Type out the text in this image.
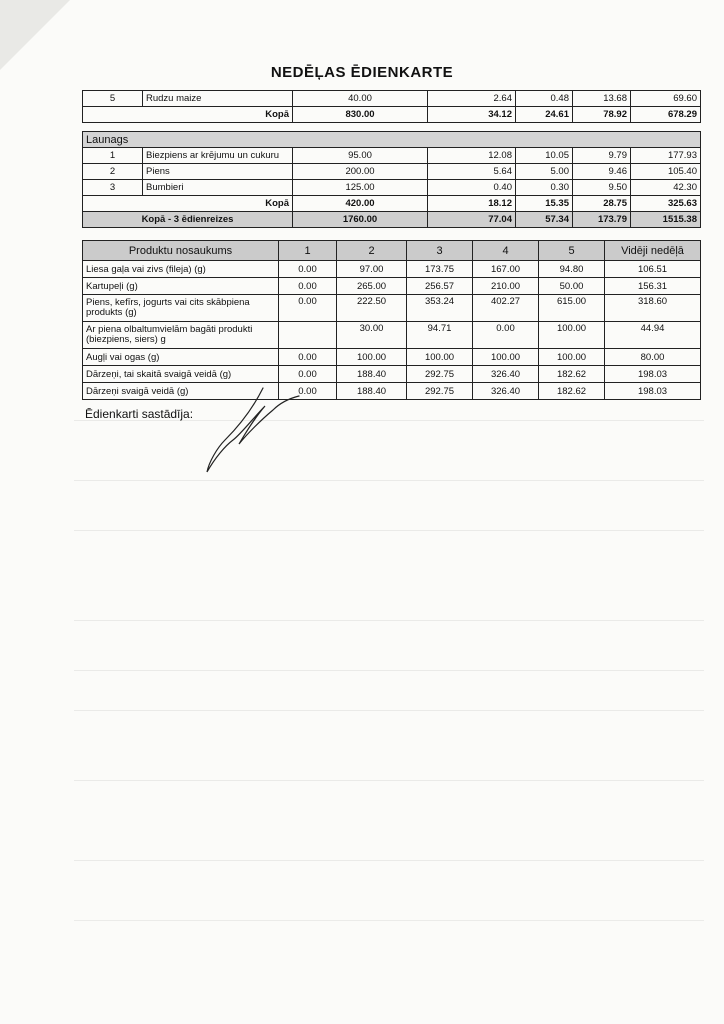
NEDĒĻAS ĒDIENKARTE
5	Rudzu maize	40.00	2.64	0.48	13.68	69.60
Kopā		830.00	34.12	24.61	78.92	678.29

Launags						
1	Biezpiens ar krējumu un cukuru	95.00	12.08	10.05	9.79	177.93
2	Piens	200.00	5.64	5.00	9.46	105.40
3	Bumbieri	125.00	0.40	0.30	9.50	42.30
Kopā		420.00	18.12	15.35	28.75	325.63
Kopā - 3 ēdienreizes		1760.00	77.04	57.34	173.79	1515.38
Produktu nosaukums	1	2	3	4	5	Vidēji nedēļā
Liesa gaļa vai zivs (fileja) (g)	0.00	97.00	173.75	167.00	94.80	106.51
Kartupeļi (g)	0.00	265.00	256.57	210.00	50.00	156.31
Piens, kefīrs, jogurts vai cits skābpiena produkts (g)	0.00	222.50	353.24	402.27	615.00	318.60
Ar piena olbaltumvielām bagāti produkti (biezpiens, siers) g		30.00	94.71	0.00	100.00	44.94
Augļi vai ogas (g)	0.00	100.00	100.00	100.00	100.00	80.00
Dārzeņi, tai skaitā svaigā veidā (g)	0.00	188.40	292.75	326.40	182.62	198.03
Dārzeņi svaigā veidā (g)	0.00	188.40	292.75	326.40	182.62	198.03
Ēdienkarti sastādīja:
